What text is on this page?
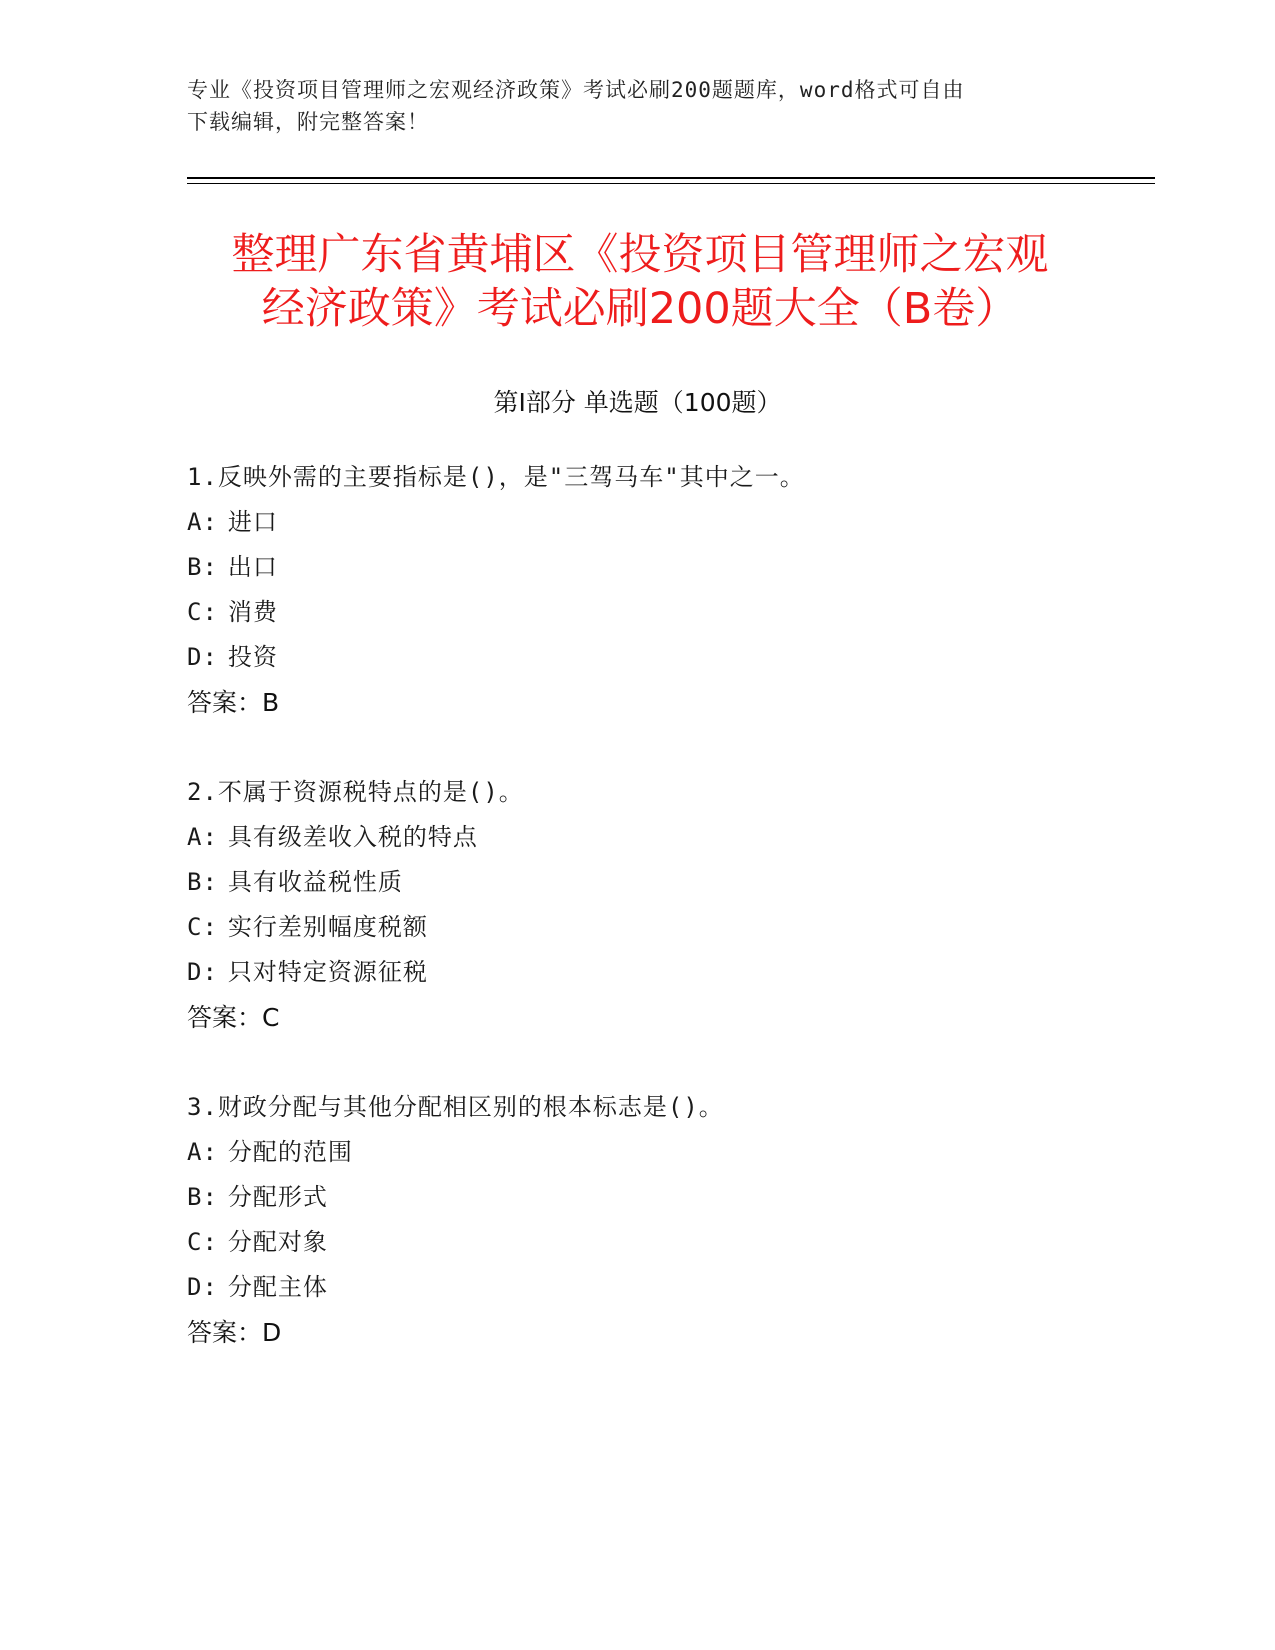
专业《投资项目管理师之宏观经济政策》考试必刷200题题库，word格式可自由
下载编辑，附完整答案！
整理广东省黄埔区《投资项目管理师之宏观
经济政策》考试必刷200题大全（B卷）
第Ⅰ部分 单选题（100题）
1.反映外需的主要指标是()，是"三驾马车"其中之一。
A: 进口
B: 出口
C: 消费
D: 投资
答案：B
2.不属于资源税特点的是()。
A: 具有级差收入税的特点
B: 具有收益税性质
C: 实行差别幅度税额
D: 只对特定资源征税
答案：C
3.财政分配与其他分配相区别的根本标志是()。
A: 分配的范围
B: 分配形式
C: 分配对象
D: 分配主体
答案：D
